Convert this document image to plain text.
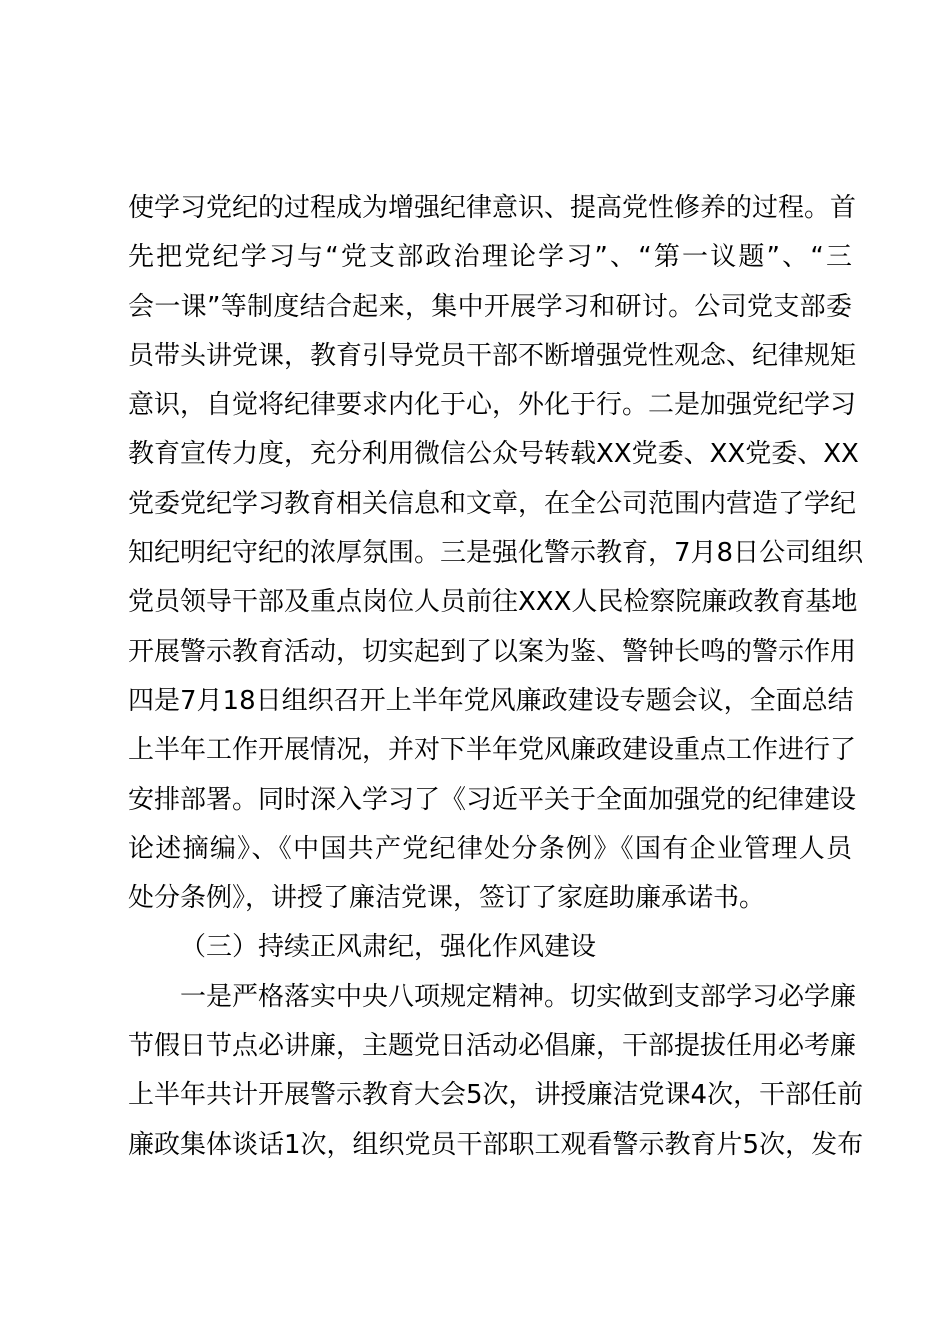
使学习党纪的过程成为增强纪律意识、提高党性修养的过程。首
先把党纪学习与“党支部政治理论学习”、“第一议题”、“三
会一课”等制度结合起来，集中开展学习和研讨。公司党支部委
员带头讲党课，教育引导党员干部不断增强党性观念、纪律规矩
意识，自觉将纪律要求内化于心，外化于行。二是加强党纪学习
教育宣传力度，充分利用微信公众号转载XX党委、XX党委、XX
党委党纪学习教育相关信息和文章，在全公司范围内营造了学纪
知纪明纪守纪的浓厚氛围。三是强化警示教育，7月8日公司组织
党员领导干部及重点岗位人员前往XXX人民检察院廉政教育基地
开展警示教育活动，切实起到了以案为鉴、警钟长鸣的警示作用
四是7月18日组织召开上半年党风廉政建设专题会议，全面总结
上半年工作开展情况，并对下半年党风廉政建设重点工作进行了
安排部署。同时深入学习了《习近平关于全面加强党的纪律建设
论述摘编》、《中国共产党纪律处分条例》《国有企业管理人员
处分条例》，讲授了廉洁党课，签订了家庭助廉承诺书。
（三）持续正风肃纪，强化作风建设
一是严格落实中央八项规定精神。切实做到支部学习必学廉
节假日节点必讲廉，主题党日活动必倡廉，干部提拔任用必考廉
上半年共计开展警示教育大会5次，讲授廉洁党课4次，干部任前
廉政集体谈话1次，组织党员干部职工观看警示教育片5次，发布
